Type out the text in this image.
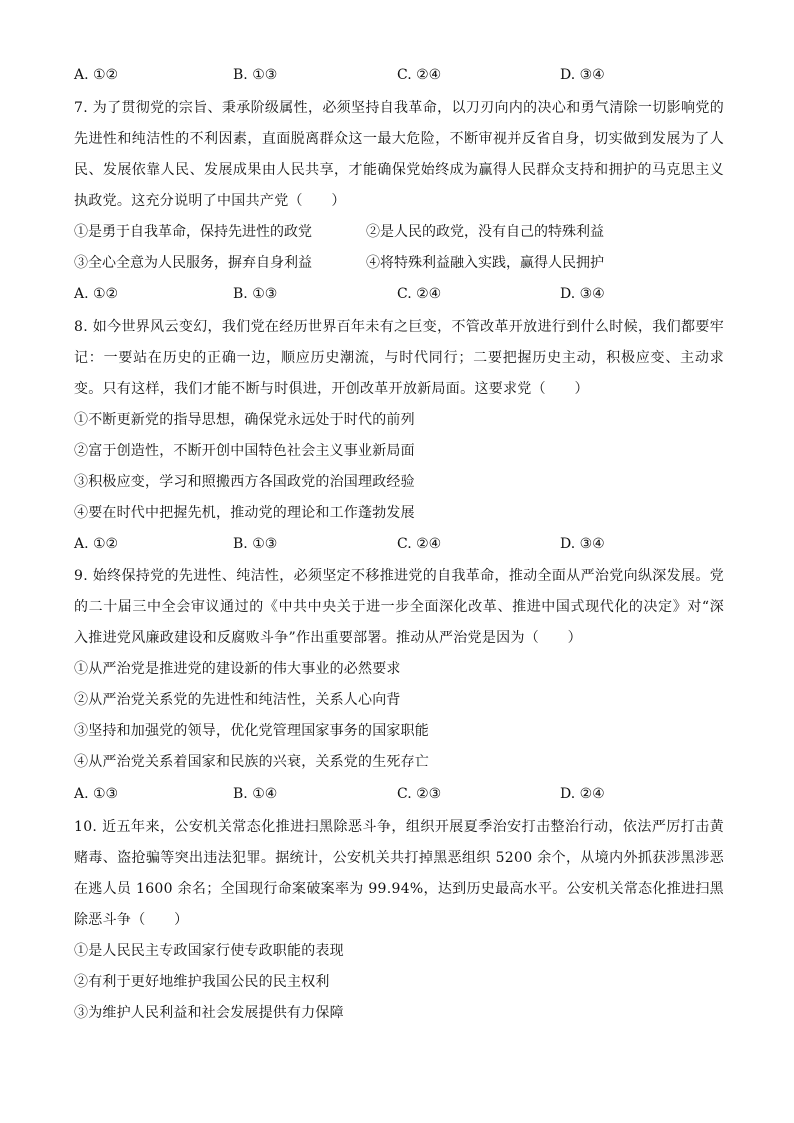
A. ①②	B. ①③	C. ②④	D. ③④
7. 为了贯彻党的宗旨、秉承阶级属性，必须坚持自我革命，以刀刃向内的决心和勇气清除一切影响党的先进性和纯洁性的不利因素，直面脱离群众这一最大危险，不断审视并反省自身，切实做到发展为了人民、发展依靠人民、发展成果由人民共享，才能确保党始终成为赢得人民群众支持和拥护的马克思主义执政党。这充分说明了中国共产党（　　）
①是勇于自我革命，保持先进性的政党	②是人民的政党，没有自己的特殊利益
③全心全意为人民服务，摒弃自身利益	④将特殊利益融入实践，赢得人民拥护
A. ①②	B. ①③	C. ②④	D. ③④
8. 如今世界风云变幻，我们党在经历世界百年未有之巨变，不管改革开放进行到什么时候，我们都要牢记：一要站在历史的正确一边，顺应历史潮流，与时代同行；二要把握历史主动，积极应变、主动求变。只有这样，我们才能不断与时俱进，开创改革开放新局面。这要求党（　　）
①不断更新党的指导思想，确保党永远处于时代的前列
②富于创造性，不断开创中国特色社会主义事业新局面
③积极应变，学习和照搬西方各国政党的治国理政经验
④要在时代中把握先机，推动党的理论和工作蓬勃发展
A. ①②	B. ①③	C. ②④	D. ③④
9. 始终保持党的先进性、纯洁性，必须坚定不移推进党的自我革命，推动全面从严治党向纵深发展。党的二十届三中全会审议通过的《中共中央关于进一步全面深化改革、推进中国式现代化的决定》对“深入推进党风廉政建设和反腐败斗争”作出重要部署。推动从严治党是因为（　　）
①从严治党是推进党的建设新的伟大事业的必然要求
②从严治党关系党的先进性和纯洁性，关系人心向背
③坚持和加强党的领导，优化党管理国家事务的国家职能
④从严治党关系着国家和民族的兴衰，关系党的生死存亡
A. ①③	B. ①④	C. ②③	D. ②④
10. 近五年来，公安机关常态化推进扫黑除恶斗争，组织开展夏季治安打击整治行动，依法严厉打击黄赌毒、盗抢骗等突出违法犯罪。据统计，公安机关共打掉黑恶组织 5200 余个，从境内外抓获涉黑涉恶在逃人员 1600 余名；全国现行命案破案率为 99.94%，达到历史最高水平。公安机关常态化推进扫黑除恶斗争（　　）
①是人民民主专政国家行使专政职能的表现
②有利于更好地维护我国公民的民主权利
③为维护人民利益和社会发展提供有力保障
